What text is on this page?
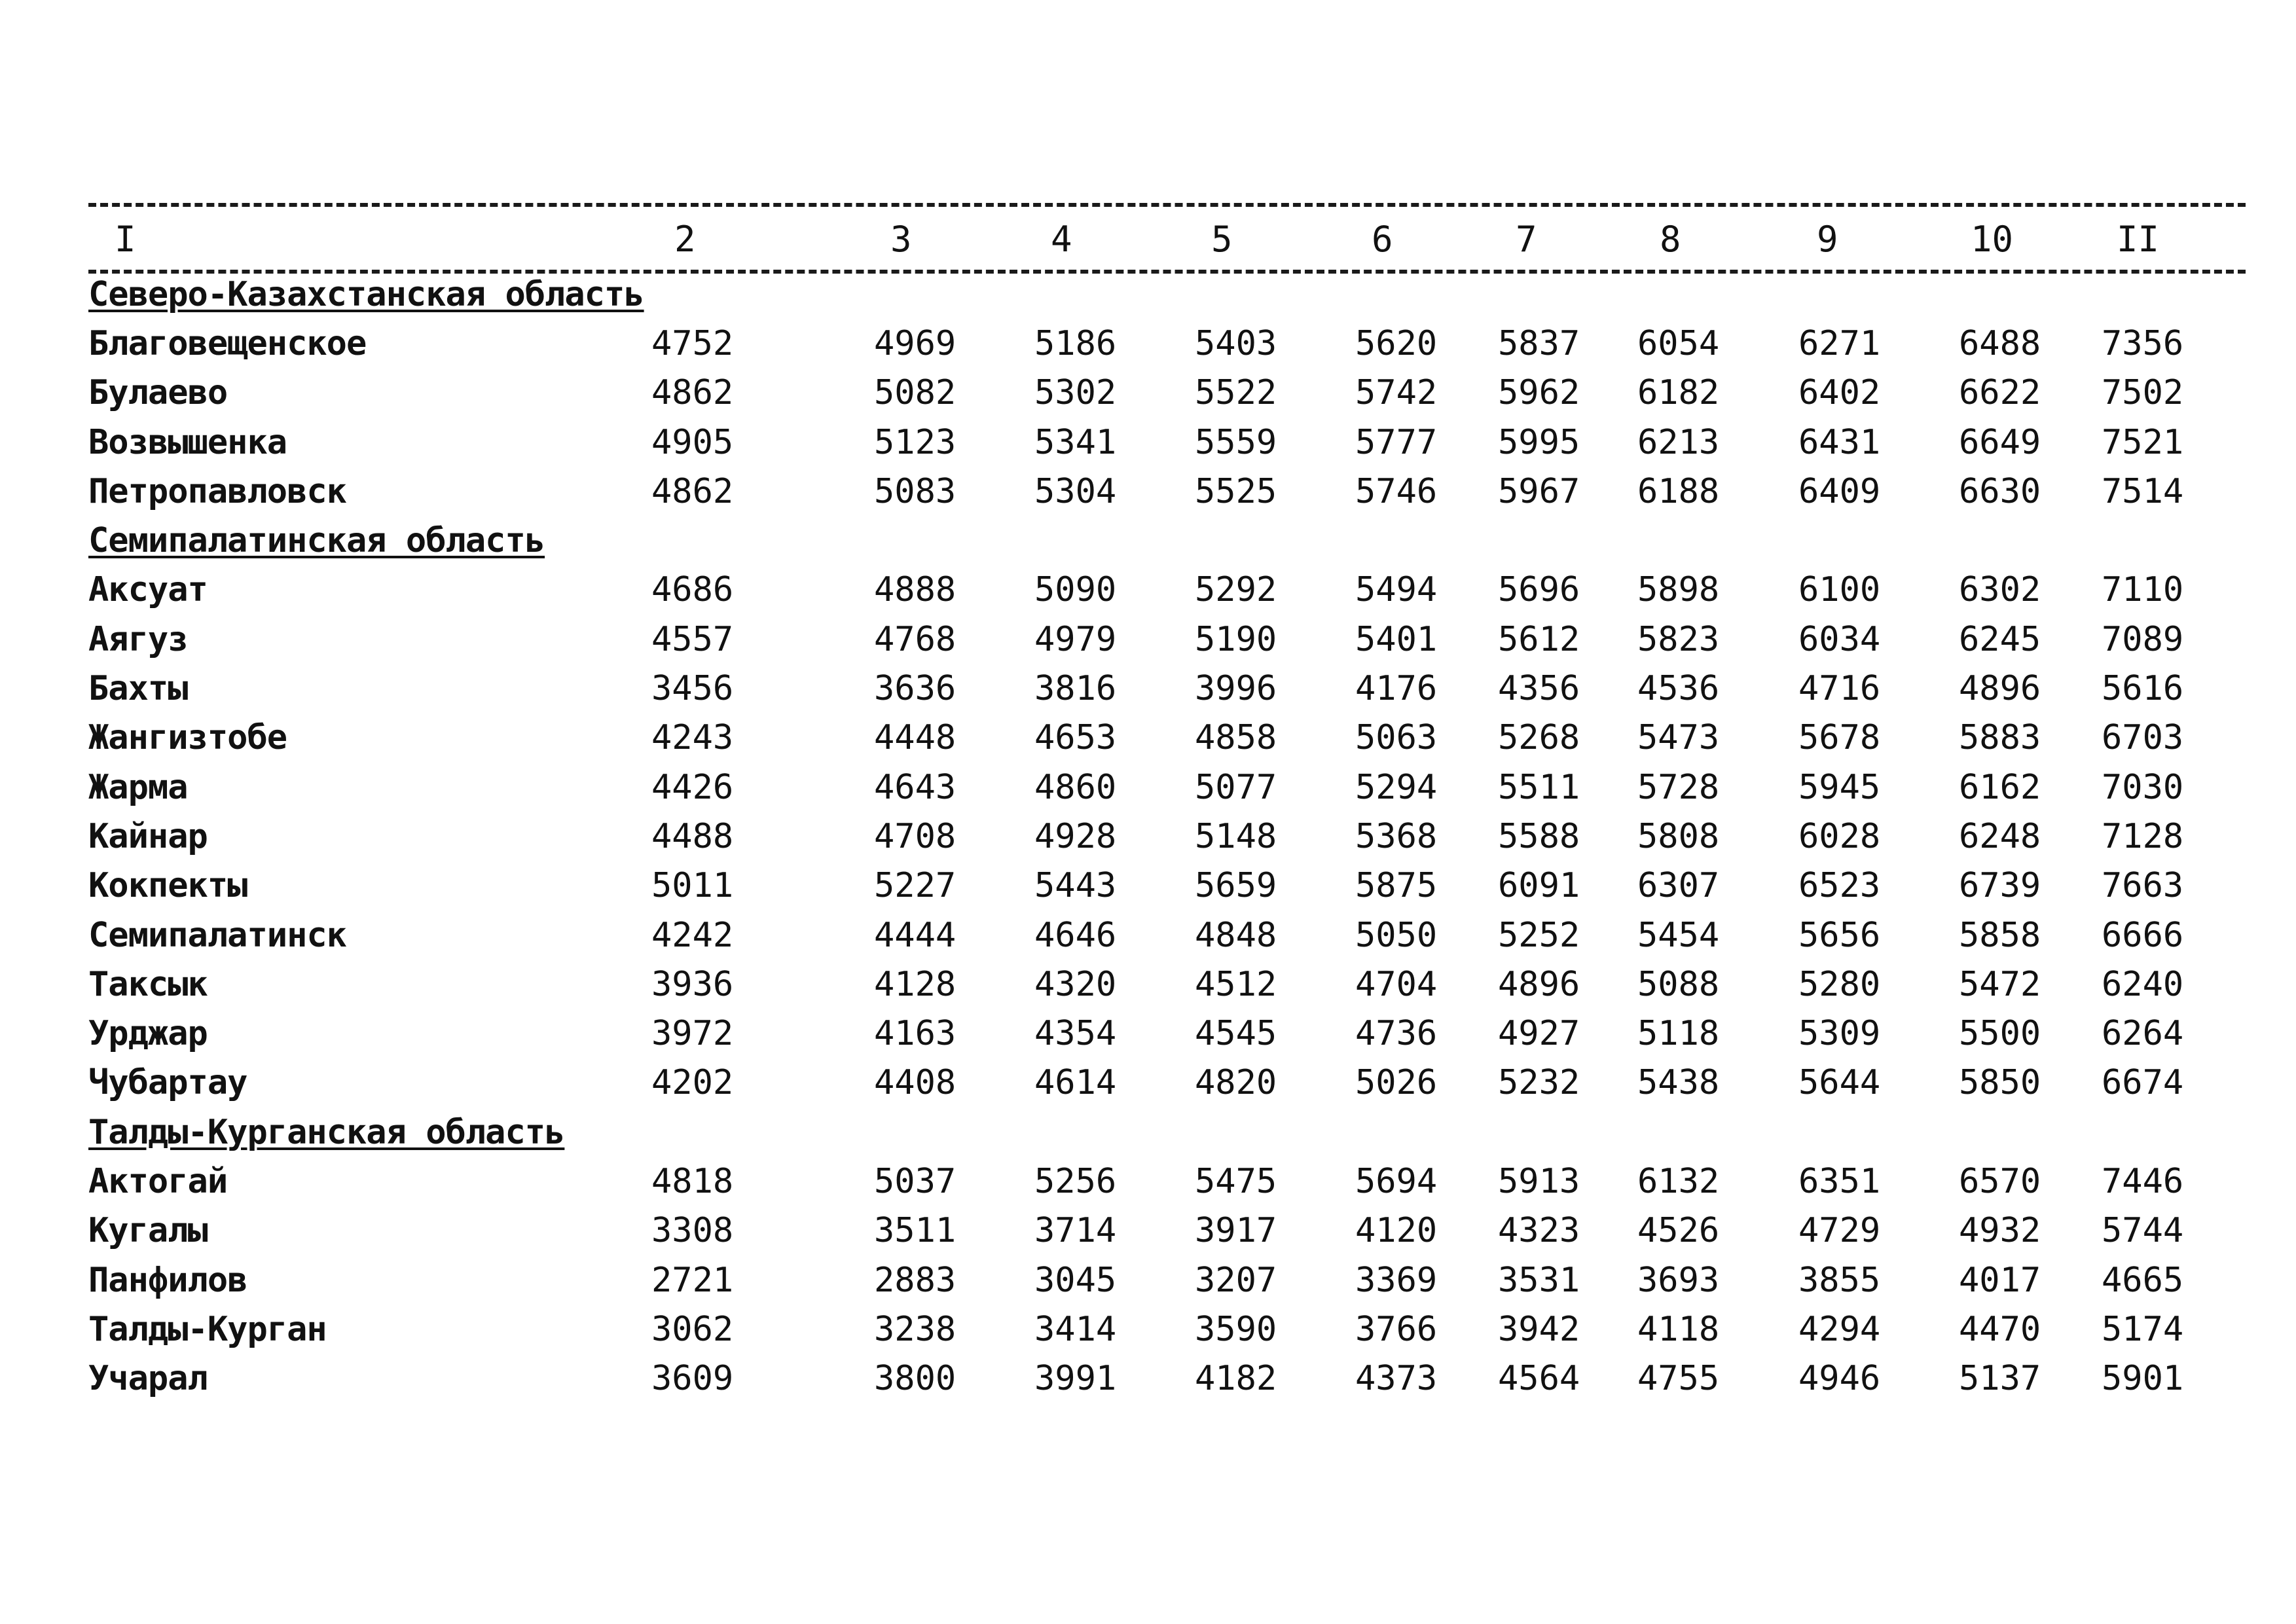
I	2	3	4	5	6	7	8	9	10	II
Северо-Казахстанская область
Благовещенское	4752	4969	5186	5403	5620	5837	6054	6271	6488	7356
Булаево	4862	5082	5302	5522	5742	5962	6182	6402	6622	7502
Возвышенка	4905	5123	5341	5559	5777	5995	6213	6431	6649	7521
Петропавловск	4862	5083	5304	5525	5746	5967	6188	6409	6630	7514
Семипалатинская область
Аксуат	4686	4888	5090	5292	5494	5696	5898	6100	6302	7110
Аягуз	4557	4768	4979	5190	5401	5612	5823	6034	6245	7089
Бахты	3456	3636	3816	3996	4176	4356	4536	4716	4896	5616
Жангизтобе	4243	4448	4653	4858	5063	5268	5473	5678	5883	6703
Жарма	4426	4643	4860	5077	5294	5511	5728	5945	6162	7030
Кайнар	4488	4708	4928	5148	5368	5588	5808	6028	6248	7128
Кокпекты	5011	5227	5443	5659	5875	6091	6307	6523	6739	7663
Семипалатинск	4242	4444	4646	4848	5050	5252	5454	5656	5858	6666
Таксык	3936	4128	4320	4512	4704	4896	5088	5280	5472	6240
Урджар	3972	4163	4354	4545	4736	4927	5118	5309	5500	6264
Чубартау	4202	4408	4614	4820	5026	5232	5438	5644	5850	6674
Талды-Курганская область
Актогай	4818	5037	5256	5475	5694	5913	6132	6351	6570	7446
Кугалы	3308	3511	3714	3917	4120	4323	4526	4729	4932	5744
Панфилов	2721	2883	3045	3207	3369	3531	3693	3855	4017	4665
Талды-Курган	3062	3238	3414	3590	3766	3942	4118	4294	4470	5174
Учарал	3609	3800	3991	4182	4373	4564	4755	4946	5137	5901
